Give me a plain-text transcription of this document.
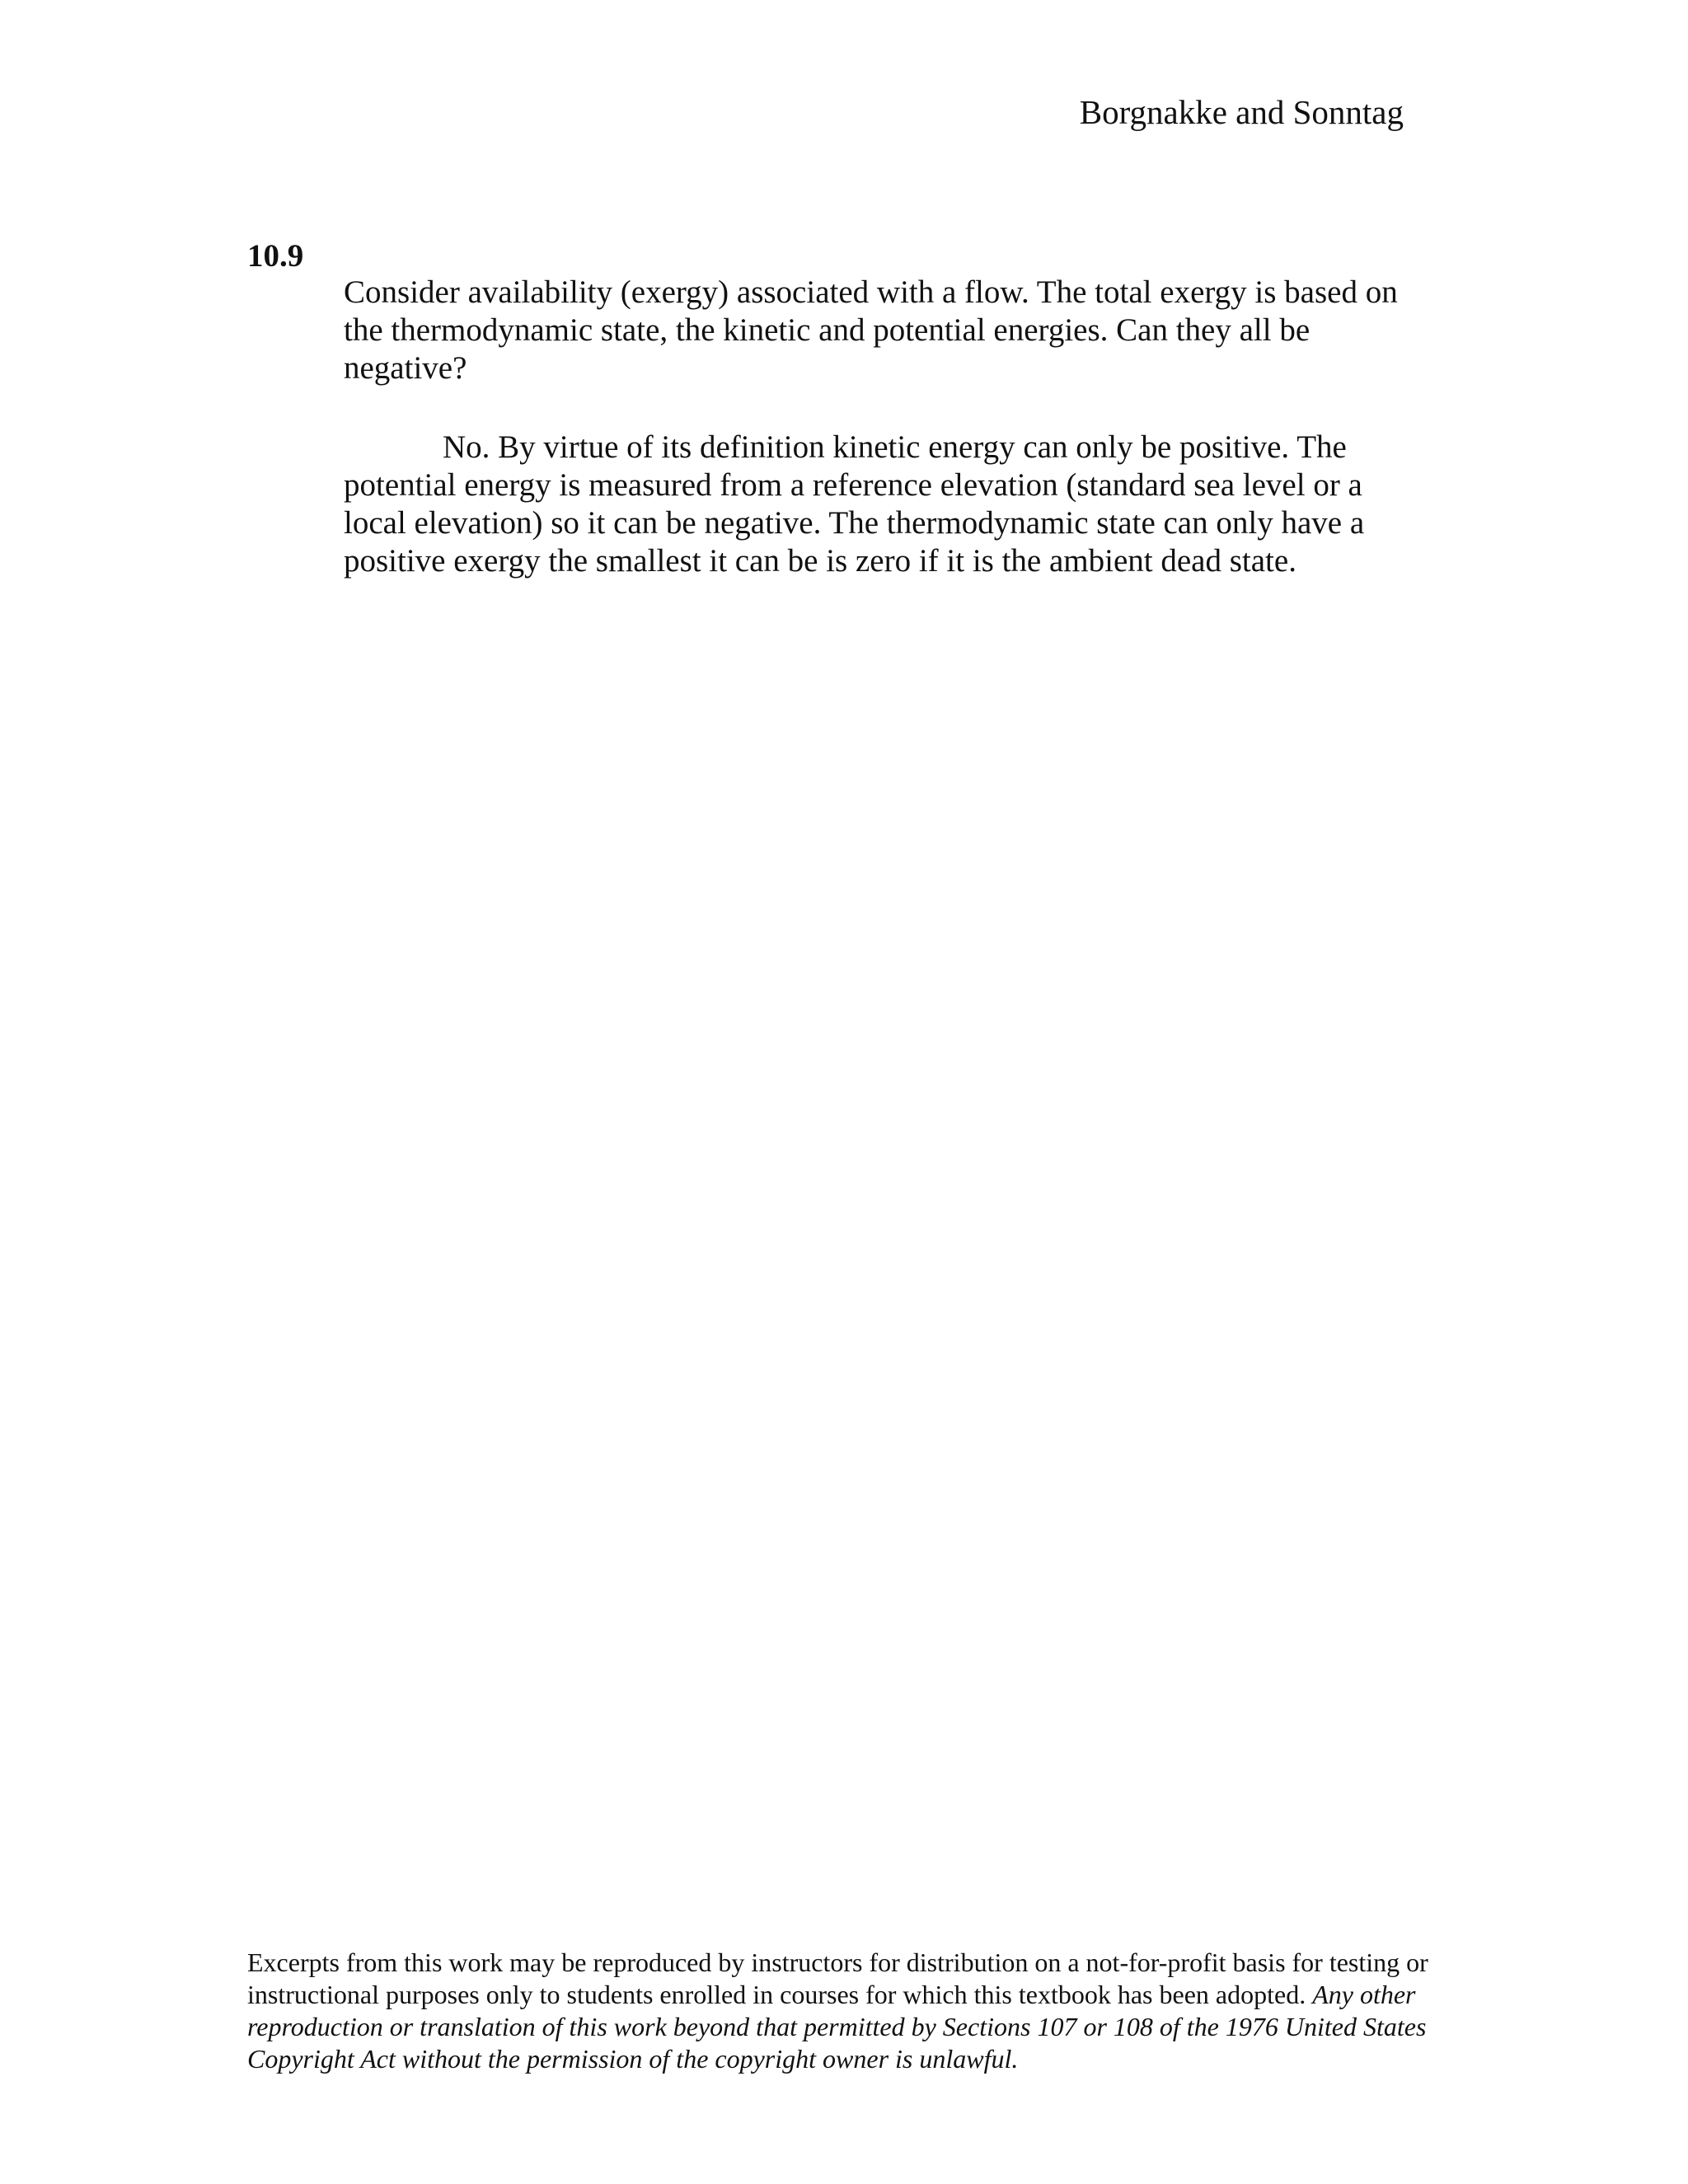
Borgnakke and Sonntag
10.9

Consider availability (exergy) associated with a flow. The total exergy is based on the thermodynamic state, the kinetic and potential energies. Can they all be negative?

No. By virtue of its definition kinetic energy can only be positive. The potential energy is measured from a reference elevation (standard sea level or a local elevation) so it can be negative. The thermodynamic state can only have a positive exergy the smallest it can be is zero if it is the ambient dead state.

Excerpts from this work may be reproduced by instructors for distribution on a not-for-profit basis for testing or instructional purposes only to students enrolled in courses for which this textbook has been adopted. Any other reproduction or translation of this work beyond that permitted by Sections 107 or 108 of the 1976 United States Copyright Act without the permission of the copyright owner is unlawful.
